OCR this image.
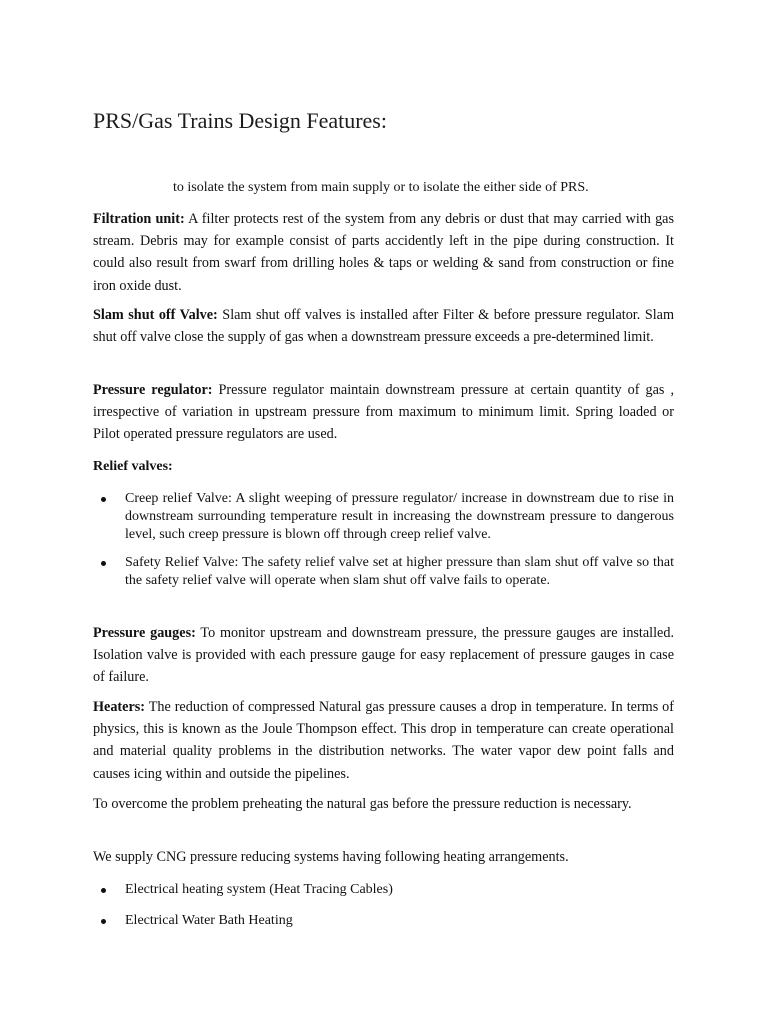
PRS/Gas Trains Design Features:

to isolate the system from main supply or to isolate the either side of PRS.

Filtration unit: A filter protects rest of the system from any debris or dust that may carried with gas stream. Debris may for example consist of parts accidently left in the pipe during construction. It could also result from swarf from drilling holes & taps or welding & sand from construction or fine iron oxide dust.

Slam shut off Valve: Slam shut off valves is installed after Filter & before pressure regulator. Slam shut off valve close the supply of gas when a downstream pressure exceeds a pre-determined limit.

Pressure regulator: Pressure regulator maintain downstream pressure at certain quantity of gas , irrespective of variation in upstream pressure from maximum to minimum limit. Spring loaded or Pilot operated pressure regulators are used.

Relief valves:

Creep relief Valve: A slight weeping of pressure regulator/ increase in downstream due to rise in downstream surrounding temperature result in increasing the downstream pressure to dangerous level, such creep pressure is blown off through creep relief valve.
Safety Relief Valve: The safety relief valve set at higher pressure than slam shut off valve so that the safety relief valve will operate when slam shut off valve fails to operate.

Pressure gauges: To monitor upstream and downstream pressure, the pressure gauges are installed. Isolation valve is provided with each pressure gauge for easy replacement of pressure gauges in case of failure.

Heaters: The reduction of compressed Natural gas pressure causes a drop in temperature. In terms of physics, this is known as the Joule Thompson effect. This drop in temperature can create operational and material quality problems in the distribution networks. The water vapor dew point falls and causes icing within and outside the pipelines.

To overcome the problem preheating the natural gas before the pressure reduction is necessary.

We supply CNG pressure reducing systems having following heating arrangements.

Electrical heating system (Heat Tracing Cables)
Electrical Water Bath Heating
